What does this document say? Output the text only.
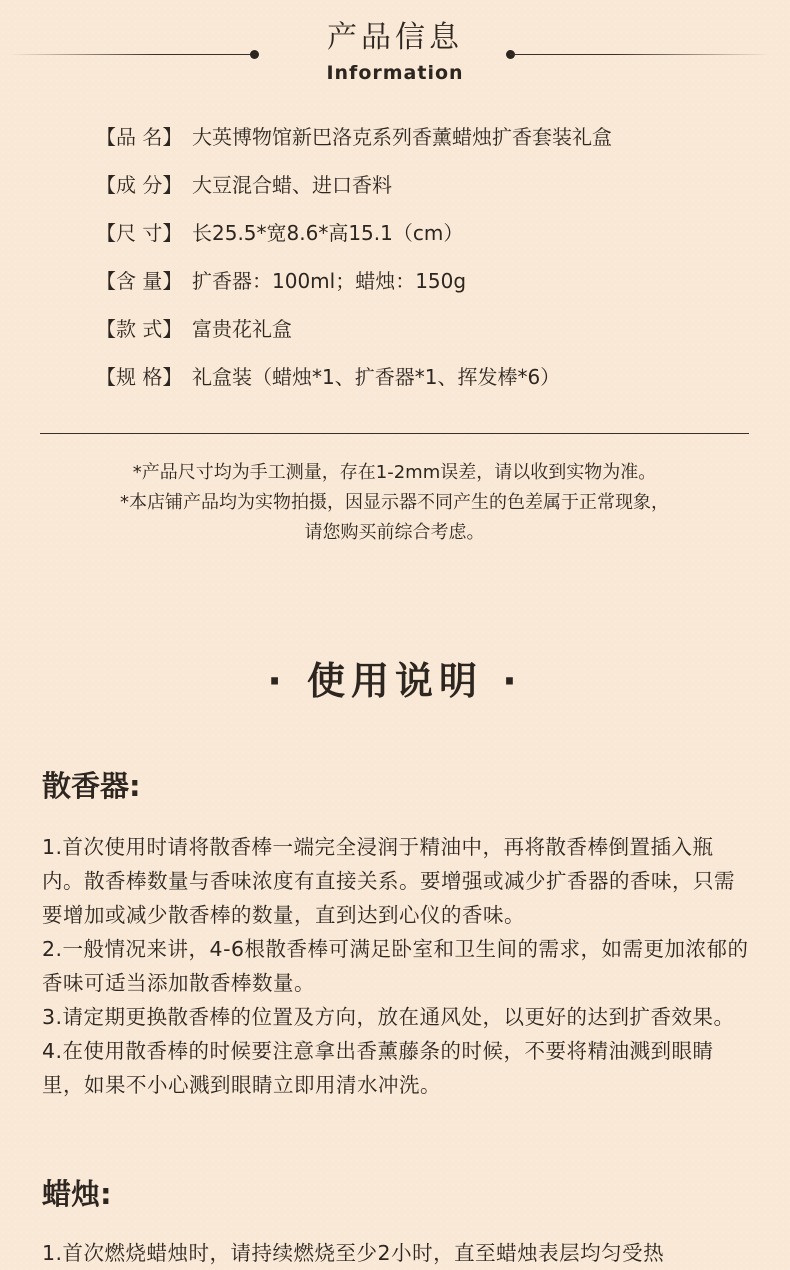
产品信息
Information
【品 名】 大英博物馆新巴洛克系列香薰蜡烛扩香套装礼盒
【成 分】 大豆混合蜡、进口香料
【尺 寸】 长25.5*宽8.6*高15.1（cm）
【含 量】 扩香器：100ml；蜡烛：150g
【款 式】 富贵花礼盒
【规 格】 礼盒装（蜡烛*1、扩香器*1、挥发棒*6）
*产品尺寸均为手工测量，存在1-2mm误差，请以收到实物为准。
*本店铺产品均为实物拍摄，因显示器不同产生的色差属于正常现象，
请您购买前综合考虑。
· 使用说明 ·
散香器:

1.首次使用时请将散香棒一端完全浸润于精油中，再将散香棒倒置插入瓶内。散香棒数量与香味浓度有直接关系。要增强或减少扩香器的香味，只需要增加或减少散香棒的数量，直到达到心仪的香味。

2.一般情况来讲，4-6根散香棒可满足卧室和卫生间的需求，如需更加浓郁的香味可适当添加散香棒数量。

3.请定期更换散香棒的位置及方向，放在通风处，以更好的达到扩香效果。

4.在使用散香棒的时候要注意拿出香薰藤条的时候，不要将精油溅到眼睛里，如果不小心溅到眼睛立即用清水冲洗。

蜡烛:

1.首次燃烧蜡烛时，请持续燃烧至少2小时，直至蜡烛表层均匀受热
